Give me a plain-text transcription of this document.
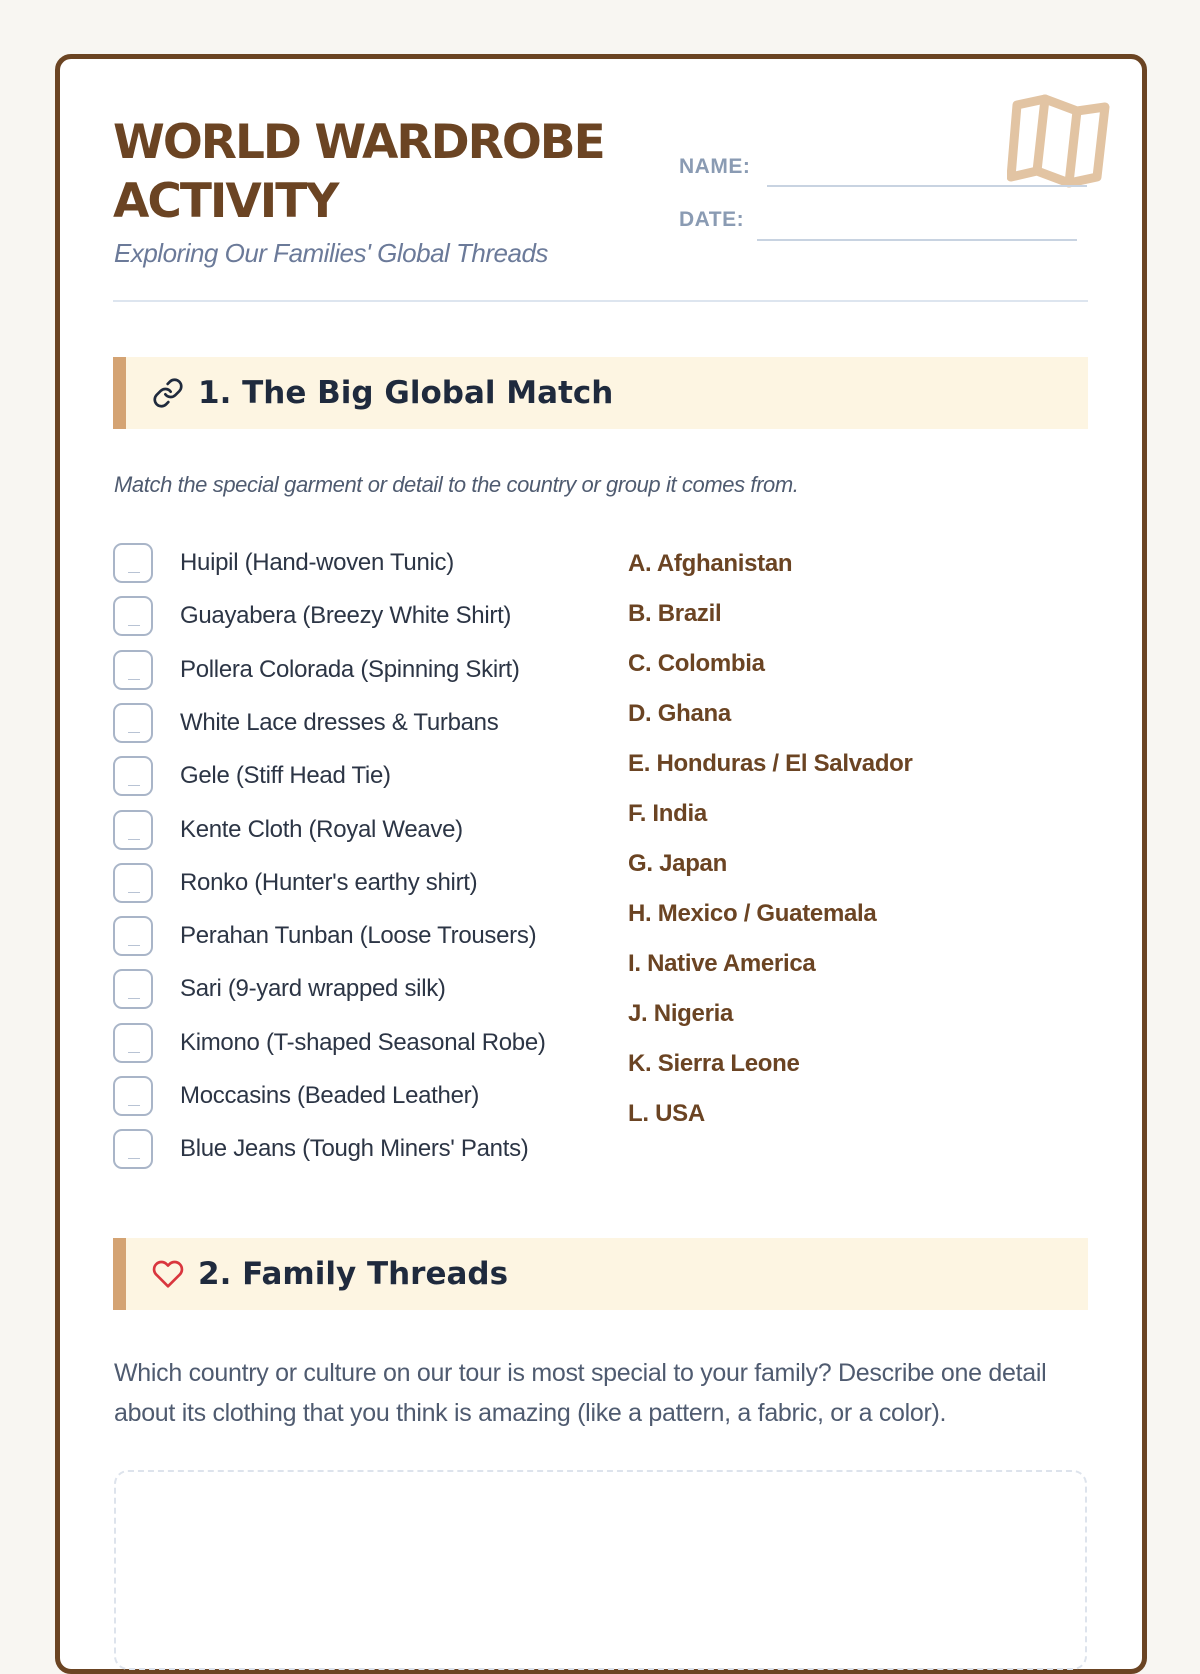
WORLD WARDROBE ACTIVITY

Exploring Our Families' Global Threads

NAME:
DATE:
1. The Big Global Match

Match the special garment or detail to the country or group it comes from.

Huipil (Hand-woven Tunic)
Guayabera (Breezy White Shirt)
Pollera Colorada (Spinning Skirt)
White Lace dresses & Turbans
Gele (Stiff Head Tie)
Kente Cloth (Royal Weave)
Ronko (Hunter's earthy shirt)
Perahan Tunban (Loose Trousers)
Sari (9-yard wrapped silk)
Kimono (T-shaped Seasonal Robe)
Moccasins (Beaded Leather)
Blue Jeans (Tough Miners' Pants)
A. Afghanistan
B. Brazil
C. Colombia
D. Ghana
E. Honduras / El Salvador
F. India
G. Japan
H. Mexico / Guatemala
I. Native America
J. Nigeria
K. Sierra Leone
L. USA
2. Family Threads

Which country or culture on our tour is most special to your family? Describe one detail about its clothing that you think is amazing (like a pattern, a fabric, or a color).
